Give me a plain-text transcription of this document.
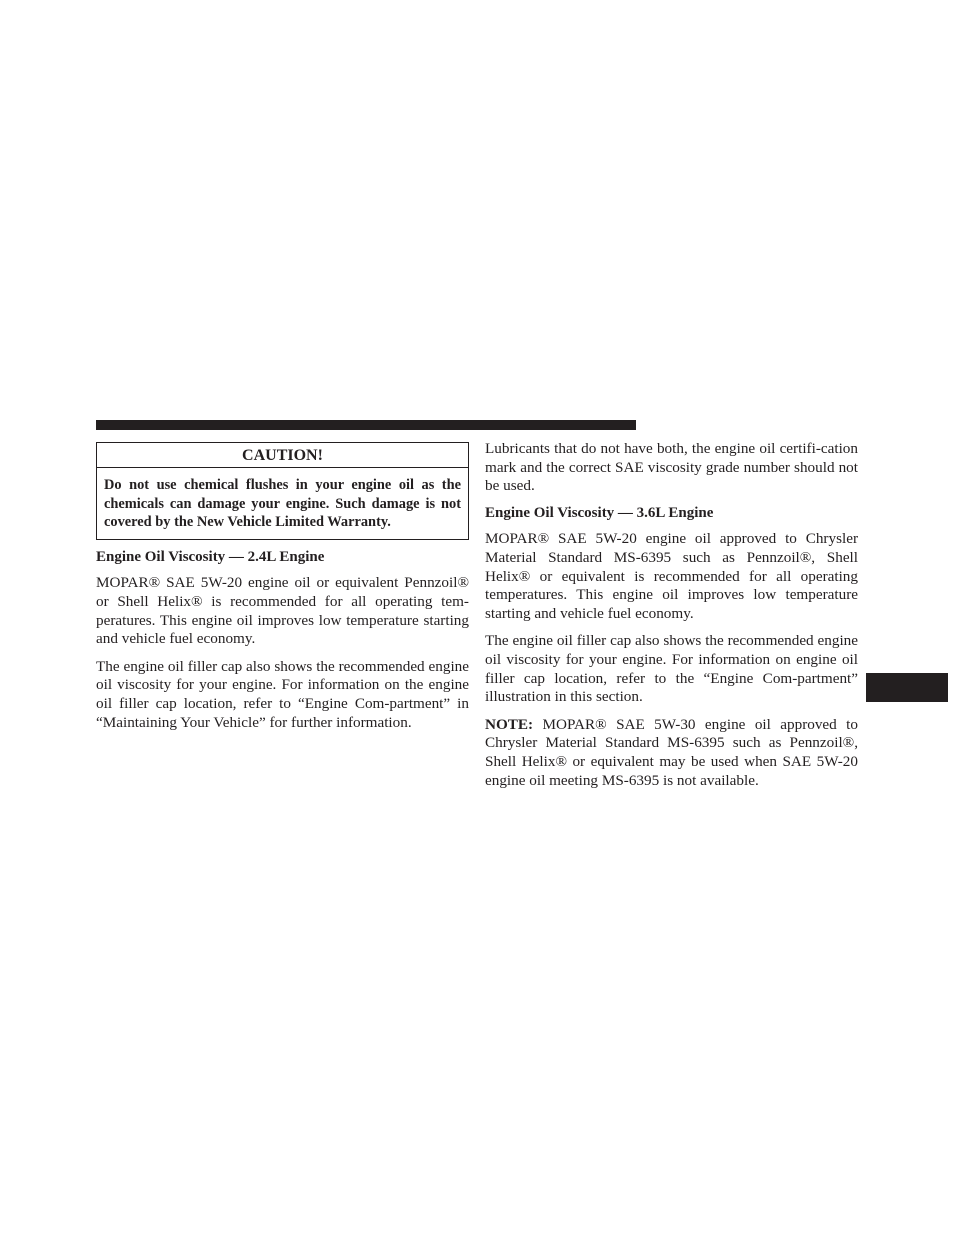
CAUTION!
Do not use chemical flushes in your engine oil as the chemicals can damage your engine. Such damage is not covered by the New Vehicle Limited Warranty.
Engine Oil Viscosity — 2.4L Engine

MOPAR® SAE 5W-20 engine oil or equivalent Pennzoil® or Shell Helix® is recommended for all operating tem-peratures. This engine oil improves low temperature starting and vehicle fuel economy.

The engine oil filler cap also shows the recommended engine oil viscosity for your engine. For information on the engine oil filler cap location, refer to “Engine Com-partment” in “Maintaining Your Vehicle” for further information.

Lubricants that do not have both, the engine oil certifi-cation mark and the correct SAE viscosity grade number should not be used.

Engine Oil Viscosity — 3.6L Engine

MOPAR® SAE 5W-20 engine oil approved to Chrysler Material Standard MS-6395 such as Pennzoil®, Shell Helix® or equivalent is recommended for all operating temperatures. This engine oil improves low temperature starting and vehicle fuel economy.

The engine oil filler cap also shows the recommended engine oil viscosity for your engine. For information on engine oil filler cap location, refer to the “Engine Com-partment” illustration in this section.

NOTE: MOPAR® SAE 5W-30 engine oil approved to Chrysler Material Standard MS-6395 such as Pennzoil®, Shell Helix® or equivalent may be used when SAE 5W-20 engine oil meeting MS-6395 is not available.
